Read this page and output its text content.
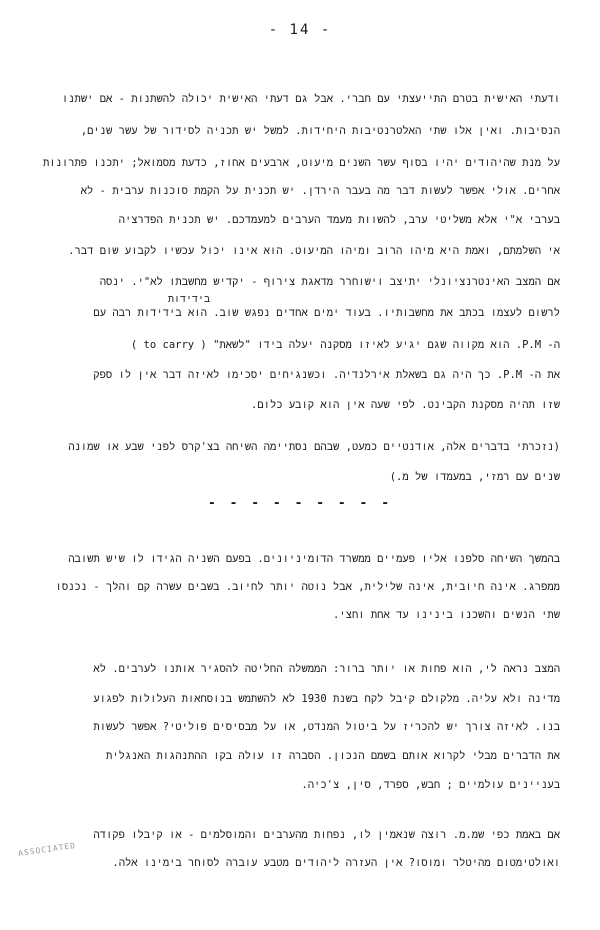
- 14 -
ודעתי האישית בטרם התייעצתי עם חברי. אבל גם דעתי האישית יכולה להשתנות - אם ישתנו
הנסיבות. ואין אלו שתי האלטרנטיבות היחידות. למשל יש תכניה לסידור של עשר שנים,
על מנת שהיהודים יהיו בסוף עשר השנים מיעוט, ארבעים אחוז, כדעת מסמואל; יתכנו פתרונות
אחרים. אולי אפשר לעשות דבר מה בעבר הירדן. יש תכנית על הקמת סוכנות ערבית - לא
בערבי א"י אלא משליטי ערב, להשוות מעמד הערבים למעמדכם. יש תכנית הפדרציה
אי השלמתם, ואמת היא מיהו הרוב ומיהו המיעוט. הוא אינו יכול עכשיו לקבוע שום דבר.
אם המצב האינטרנציונלי יתיצב וישוחרר מדאגת צירוף - יקדיש מחשבתו לא"י. ינסה
לרשום לעצמו בכתב את מחשבותיו. בעוד ימים אחדים נפגש שוב. הוא בידידות רבה עם
ה- P.M. הוא מקווה שגם יגיע לאיזו מסקנה יעלה בידו "לשאת" ( to carry )
את ה- P.M. כך היה גם בשאלת אירלנדיה. וכשנגיחים יסכימו לאיזה דבר אין לו ספק
שזו תהיה מסקנת הקבינט. לפי שעה אין הוא קובע כלום.
בידידות
(נזכרתי בדברים אלה, אודנטיים כמעט, שבהם נסתיימה השיחה בצ'קרס לפני שבע או שמונה
שנים עם רמזי, במעמדו של מ.)
- - - - - - - - -
בהמשך השיחה סלפנו אליו פעמיים ממשרד הדומיניונים. בפעם השניה הגידו לו שיש תשובה
ממפרג. אינה חיובית, אינה שלילית, אבל נוטה יותר לחיוב. בשבים עשרה קם והלך - נכנסו
שתי הנשים והשכנו בינינו עד אחת וחצי.
המצב נראה לי, הוא פחות או יותר ברור: הממשלה החליטה להסגיר אותנו לערבים. לא
מדינה ולא עליה. מלקולם קיבל לקח בשנת 1930 לא להשתמש בנוסחאות העלולות לפגוע
בנו. לאיזה צורך יש להכריז על ביטול המנדט, או על מבסיסים פוליטי? אפשר לעשות
את הדברים מבלי לקרוא אותם בשמם הנכון. הסברה זו עולה בקו ההתנהגות האנגלית
בעניינים עולמיים ; חבש, ספרד, סין, צ'כיה.
אם באמת כפי שמ.מ. רוצה שנאמין לו, נפחות מהערבים והמוסלמים - או קיבלו פקודה
ואולטימטום מהיטלר ומוסו? אין העזרה ליהודים מטבע עוברה לסוחר בימינו אלה.
ASSOCIATED
